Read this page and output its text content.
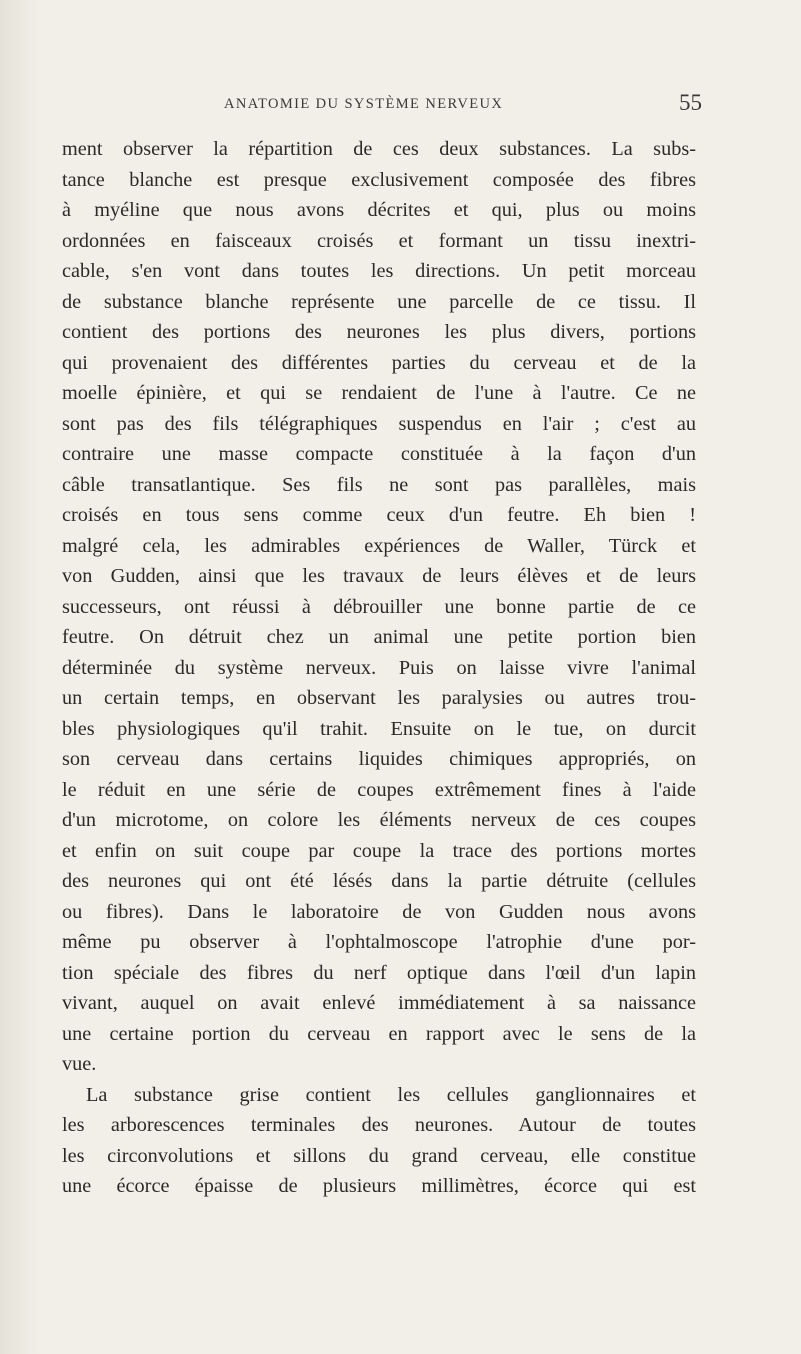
ANATOMIE DU SYSTÈME NERVEUX	55
ment observer la répartition de ces deux substances. La subs-
tance blanche est presque exclusivement composée des fibres
à myéline que nous avons décrites et qui, plus ou moins
ordonnées en faisceaux croisés et formant un tissu inextri-
cable, s'en vont dans toutes les directions. Un petit morceau
de substance blanche représente une parcelle de ce tissu. Il
contient des portions des neurones les plus divers, portions
qui provenaient des différentes parties du cerveau et de la
moelle épinière, et qui se rendaient de l'une à l'autre. Ce ne
sont pas des fils télégraphiques suspendus en l'air ; c'est au
contraire une masse compacte constituée à la façon d'un
câble transatlantique. Ses fils ne sont pas parallèles, mais
croisés en tous sens comme ceux d'un feutre. Eh bien !
malgré cela, les admirables expériences de Waller, Türck et
von Gudden, ainsi que les travaux de leurs élèves et de leurs
successeurs, ont réussi à débrouiller une bonne partie de ce
feutre. On détruit chez un animal une petite portion bien
déterminée du système nerveux. Puis on laisse vivre l'animal
un certain temps, en observant les paralysies ou autres trou-
bles physiologiques qu'il trahit. Ensuite on le tue, on durcit
son cerveau dans certains liquides chimiques appropriés, on
le réduit en une série de coupes extrêmement fines à l'aide
d'un microtome, on colore les éléments nerveux de ces coupes
et enfin on suit coupe par coupe la trace des portions mortes
des neurones qui ont été lésés dans la partie détruite (cellules
ou fibres). Dans le laboratoire de von Gudden nous avons
même pu observer à l'ophtalmoscope l'atrophie d'une por-
tion spéciale des fibres du nerf optique dans l'œil d'un lapin
vivant, auquel on avait enlevé immédiatement à sa naissance
une certaine portion du cerveau en rapport avec le sens de la
vue.
La substance grise contient les cellules ganglionnaires et
les arborescences terminales des neurones. Autour de toutes
les circonvolutions et sillons du grand cerveau, elle constitue
une écorce épaisse de plusieurs millimètres, écorce qui est
